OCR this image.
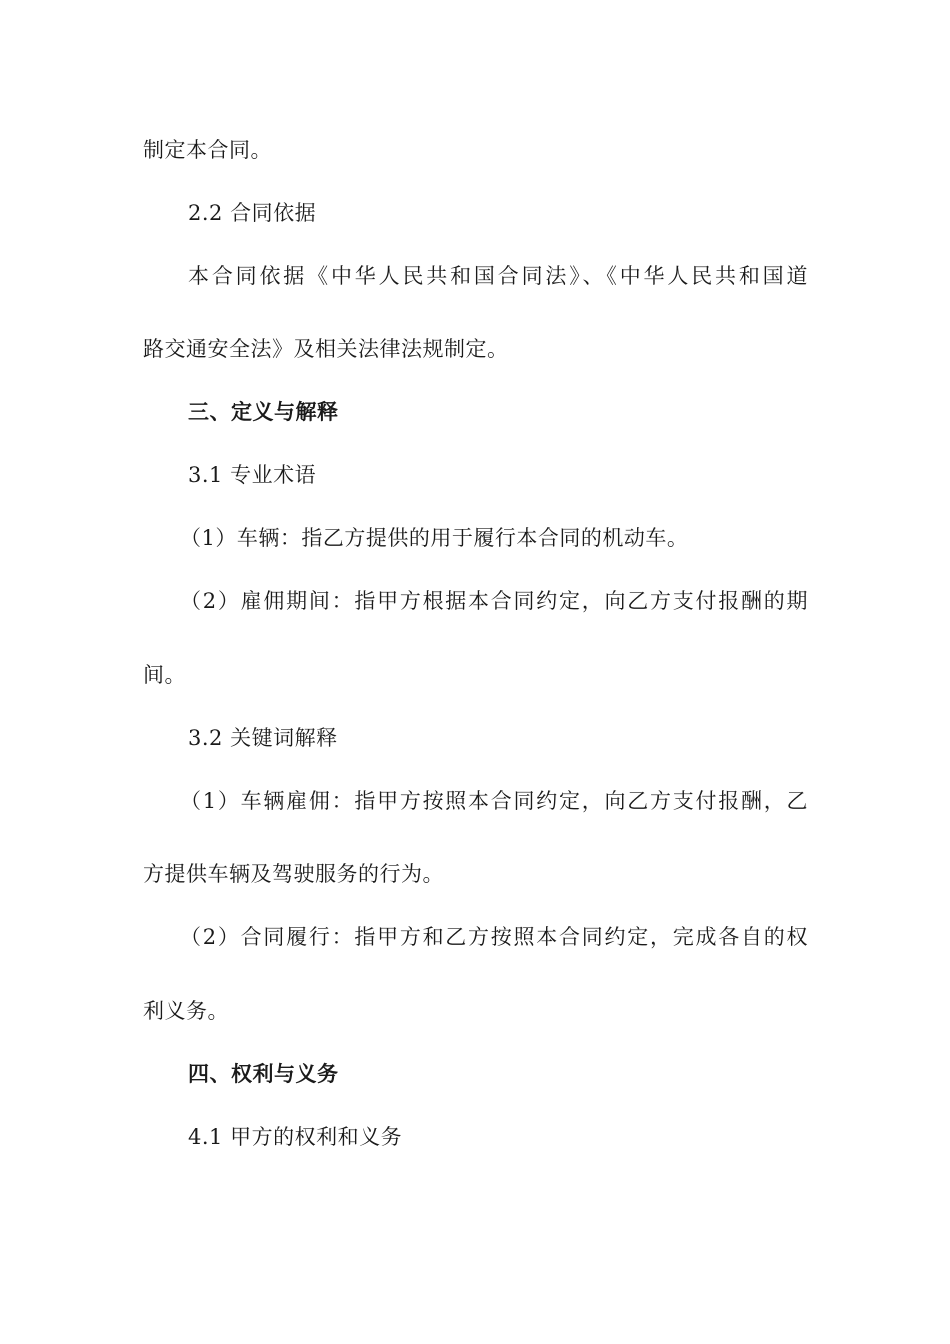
制定本合同。
2.2 合同依据
本合同依据《中华人民共和国合同法》、《中华人民共和国道
路交通安全法》及相关法律法规制定。
三、定义与解释
3.1 专业术语
（1）车辆：指乙方提供的用于履行本合同的机动车。
（2）雇佣期间：指甲方根据本合同约定，向乙方支付报酬的期
间。
3.2 关键词解释
（1）车辆雇佣：指甲方按照本合同约定，向乙方支付报酬，乙
方提供车辆及驾驶服务的行为。
（2）合同履行：指甲方和乙方按照本合同约定，完成各自的权
利义务。
四、权利与义务
4.1 甲方的权利和义务
